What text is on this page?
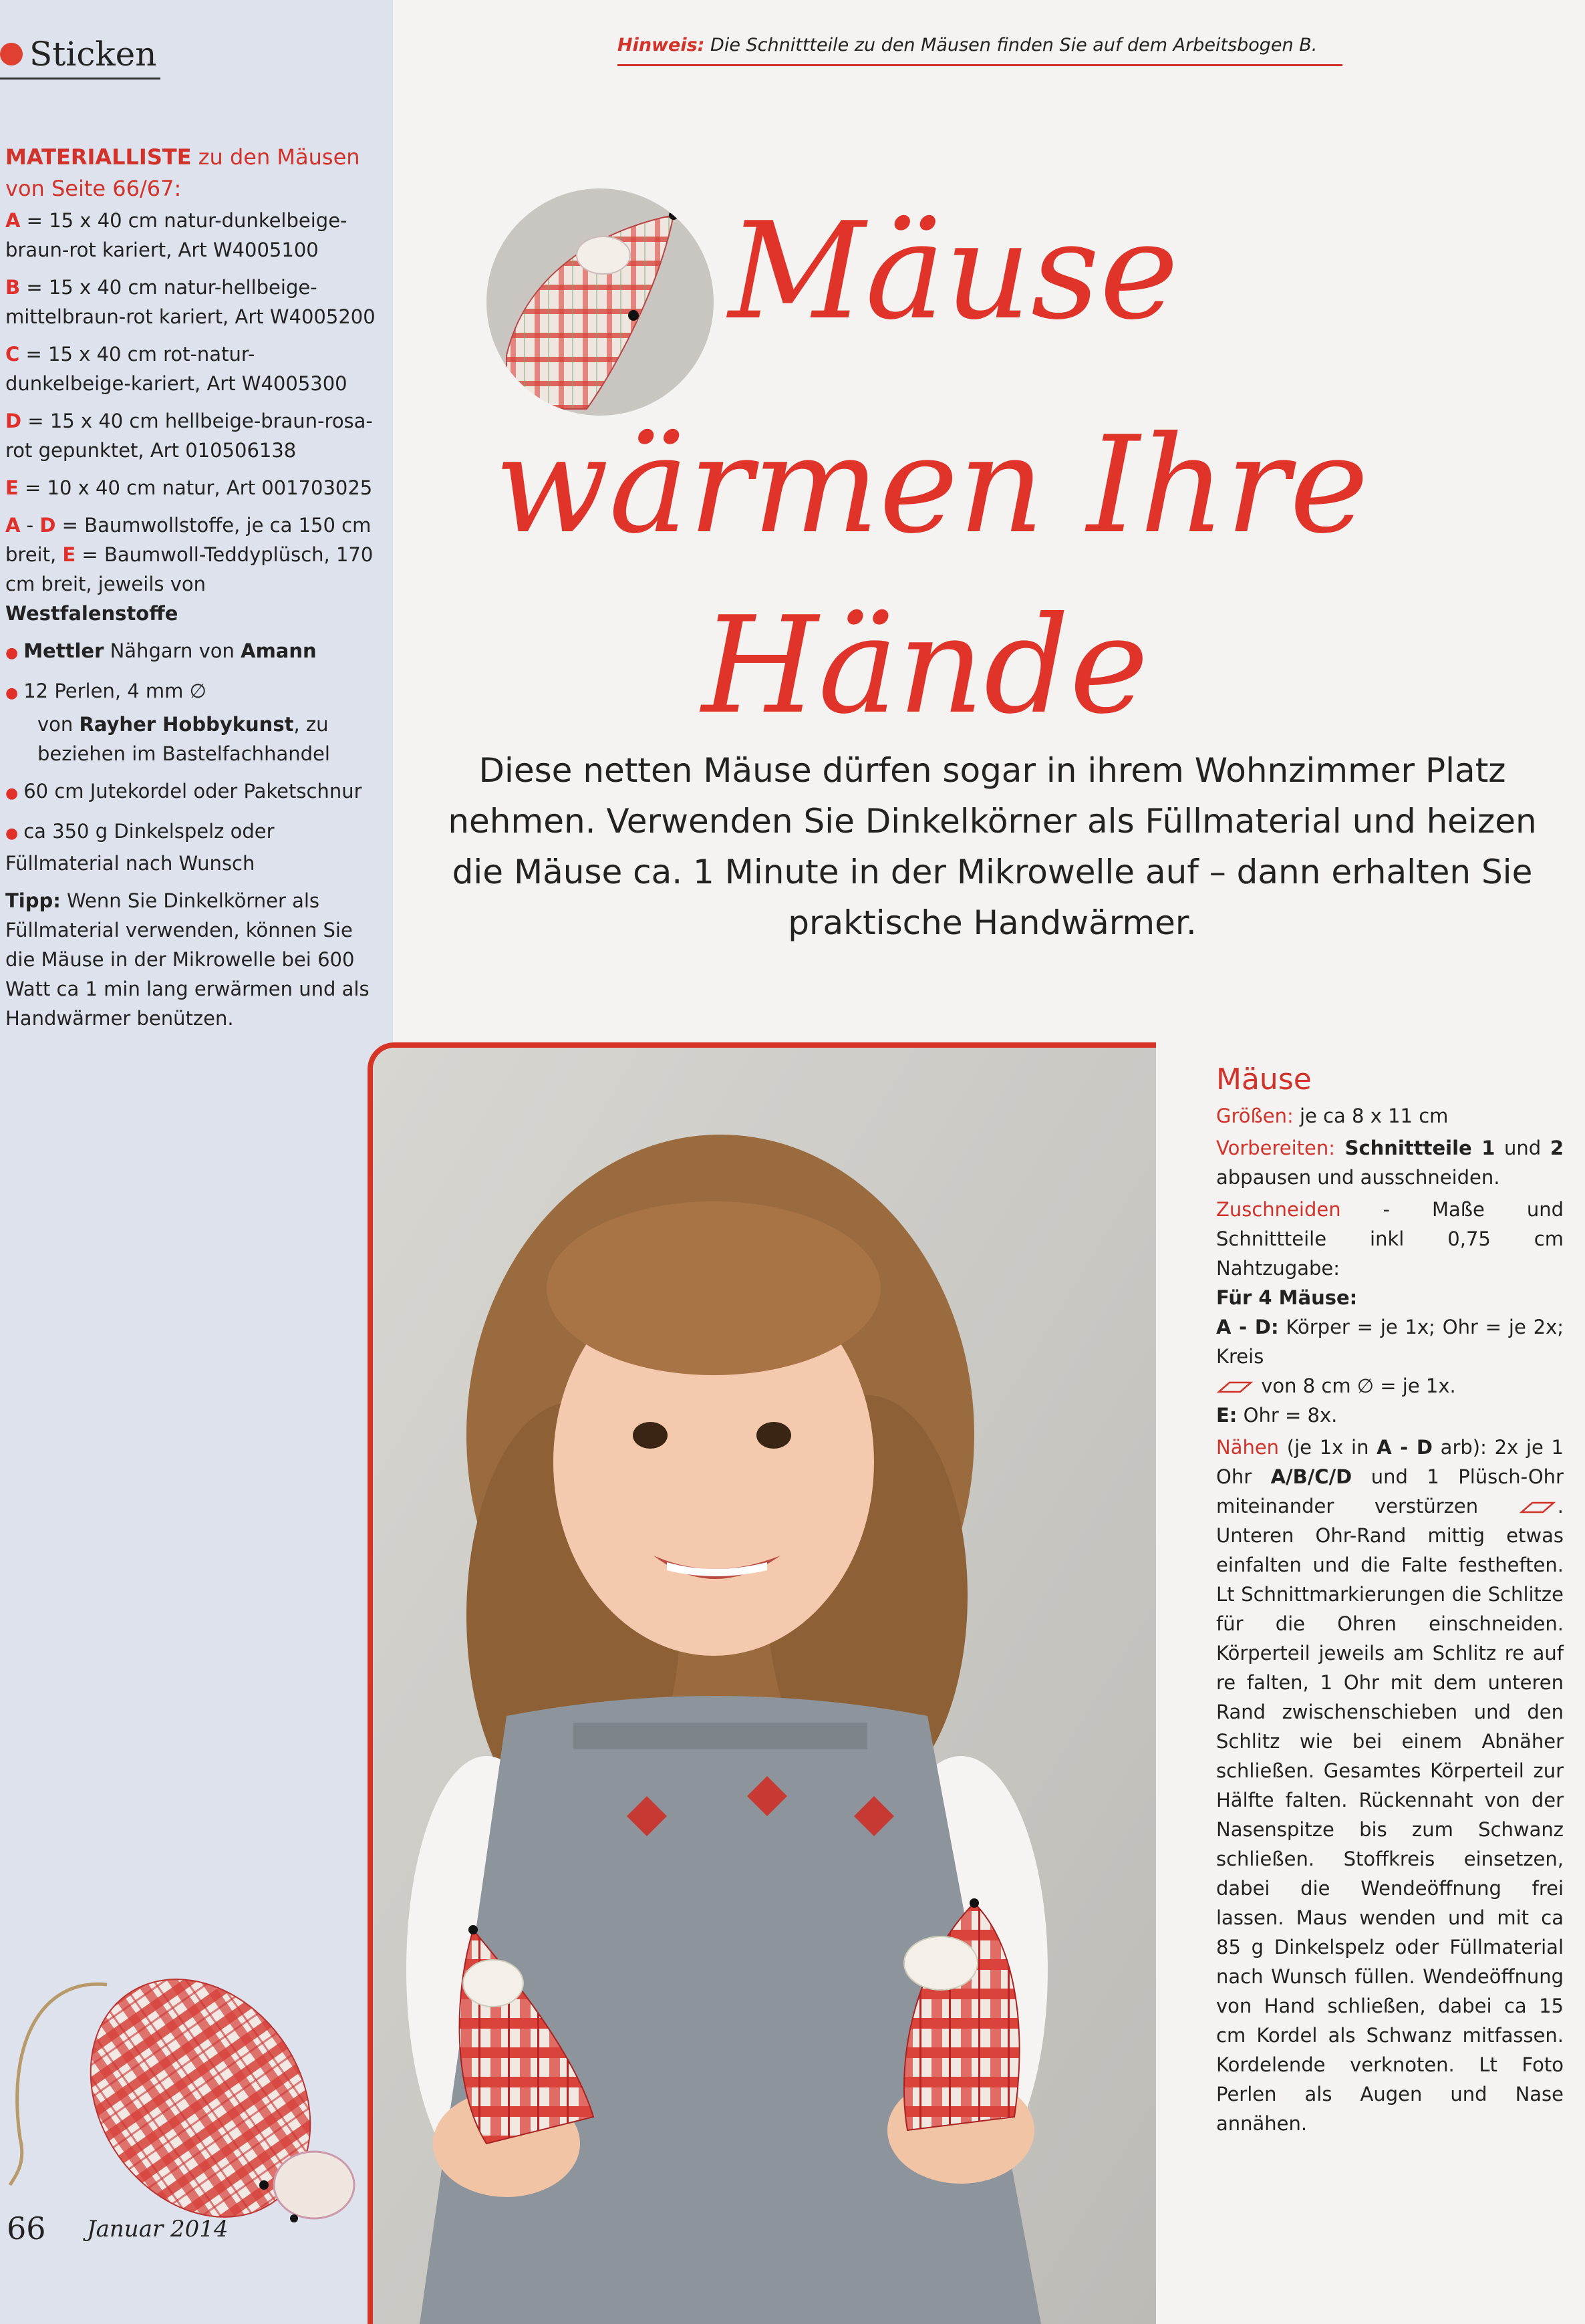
Sticken
MATERIALLISTE zu den Mäusen von Seite 66/67:

A = 15 x 40 cm natur-dunkelbeige-braun-rot kariert, Art W4005100

B = 15 x 40 cm natur-hellbeige-mittelbraun-rot kariert, Art W4005200

C = 15 x 40 cm rot-natur-dunkelbeige-kariert, Art W4005300

D = 15 x 40 cm hellbeige-braun-rosa-rot gepunktet, Art 010506138

E = 10 x 40 cm natur, Art 001703025

A - D = Baumwollstoffe, je ca 150 cm breit, E = Baumwoll-Teddyplüsch, 170 cm breit, jeweils von Westfalenstoffe

● Mettler Nähgarn von Amann

● 12 Perlen, 4 mm ∅

von Rayher Hobbykunst, zu beziehen im Bastelfachhandel

● 60 cm Jutekordel oder Paketschnur

● ca 350 g Dinkelspelz oder Füllmaterial nach Wunsch

Tipp: Wenn Sie Dinkelkörner als Füllmaterial verwenden, können Sie die Mäuse in der Mikrowelle bei 600 Watt ca 1 min lang erwärmen und als Handwärmer benützen.

66 Januar 2014
Hinweis: Die Schnittteile zu den Mäusen finden Sie auf dem Arbeitsbogen B.
Mäuse
wärmen Ihre
Hände
Diese netten Mäuse dürfen sogar in ihrem Wohnzimmer Platz nehmen. Verwenden Sie Dinkelkörner als Füllmaterial und heizen die Mäuse ca. 1 Minute in der Mikrowelle auf – dann erhalten Sie praktische Handwärmer.
Mäuse

Größen: je ca 8 x 11 cm

Vorbereiten: Schnittteile 1 und 2 abpausen und ausschneiden.

Zuschneiden - Maße und Schnittteile inkl 0,75 cm Nahtzugabe:
Für 4 Mäuse:
A - D: Körper = je 1x; Ohr = je 2x; Kreis
von 8 cm ∅ = je 1x.
E: Ohr = 8x.

Nähen (je 1x in A - D arb): 2x je 1 Ohr A/B/C/D und 1 Plüsch-Ohr miteinander verstürzen	. Unteren Ohr-Rand mittig etwas einfalten und die Falte festheften. Lt Schnittmarkierungen die Schlitze für die Ohren einschneiden. Körperteil jeweils am Schlitz re auf re falten, 1 Ohr mit dem unteren Rand zwischenschieben und den Schlitz wie bei einem Abnäher schließen. Gesamtes Körperteil zur Hälfte falten. Rückennaht von der Nasenspitze bis zum Schwanz schließen. Stoffkreis einsetzen, dabei die Wendeöffnung frei lassen. Maus wenden und mit ca 85 g Dinkelspelz oder Füllmaterial nach Wunsch füllen. Wendeöffnung von Hand schließen, dabei ca 15 cm Kordel als Schwanz mitfassen. Kordelende verknoten. Lt Foto Perlen als Augen und Nase annähen.
